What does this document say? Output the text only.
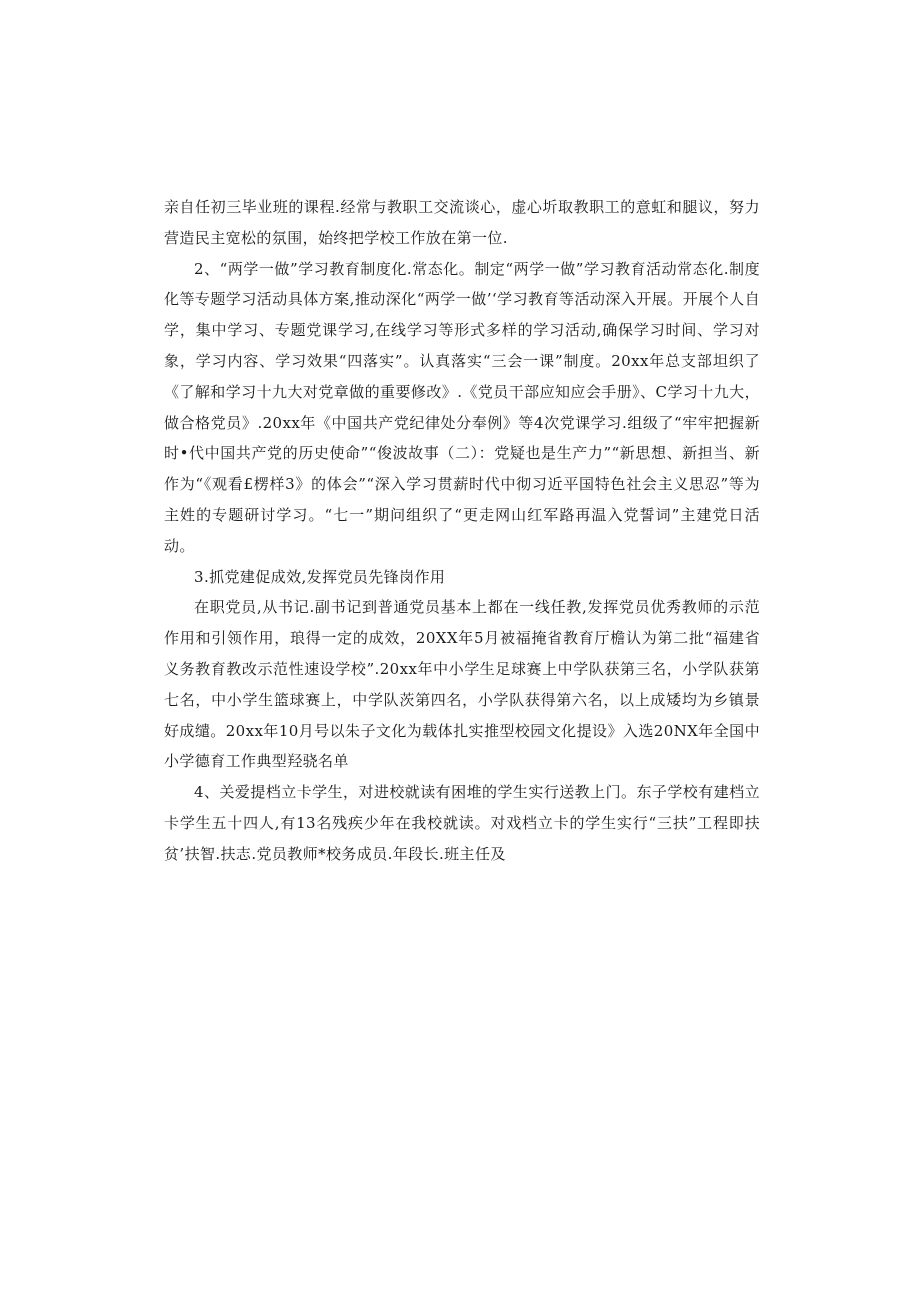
亲自任初三毕业班的课程.经常与教职工交流谈心，虚心圻取教职工的意虹和腿议，努力营造民主宽松的氛围，始终把学校工作放在第一位.

2、“两学一做”学习教育制度化.常态化。制定“两学一做”学习教育活动常态化.制度化等专题学习活动具体方案,推动深化“两学一做’‘学习教育等活动深入开展。开展个人自学，集中学习、专题党课学习,在线学习等形式多样的学习活动,确保学习时间、学习对象，学习内容、学习效果“四落实”。认真落实“三会一课”制度。20xx年总支部坦织了《了解和学习十九大对党章做的重要修改》.《党员干部应知应会手册》、C学习十九大，做合格党员》.20xx年《中国共产党纪律处分奉例》等4次党课学习.组级了“牢牢把握新时•代中国共产党的历史使命”“俊波故事（二）：党疑也是生产力”“新思想、新担当、新作为“《观看£楞样3》的体会”“深入学习贯薪时代中彻习近平国特色社会主义思忍”等为主姓的专题研讨学习。“七一”期问组织了“更走网山红军路再温入党誓词”主建党日活动。

3.抓党建促成效,发挥党员先锋岗作用

在职党员,从书记.副书记到普通党员基本上都在一线任教,发挥党员优秀教师的示范作用和引领作用，琅得一定的成效，20XX年5月被福掩省教育厅檐认为第二批“福建省义务教育教改示范性速设学校”.20xx年中小学生足球赛上中学队获第三名，小学队获第七名，中小学生篮球赛上，中学队茨第四名，小学队获得第六名，以上成矮均为乡镇景好成缱。20xx年10月号以朱子文化为载体扎实推型校园文化提设》入选20NX年全国中小学德育工作典型羟骁名单

4、关爱提档立卡学生，对进校就读有困堆的学生实行送教上门。东子学校有建档立卡学生五十四人,有13名残疾少年在我校就读。对戏档立卡的学生实行“三扶”工程即扶贫’扶智.扶志.党员教师*校务成员.年段长.班主任及
